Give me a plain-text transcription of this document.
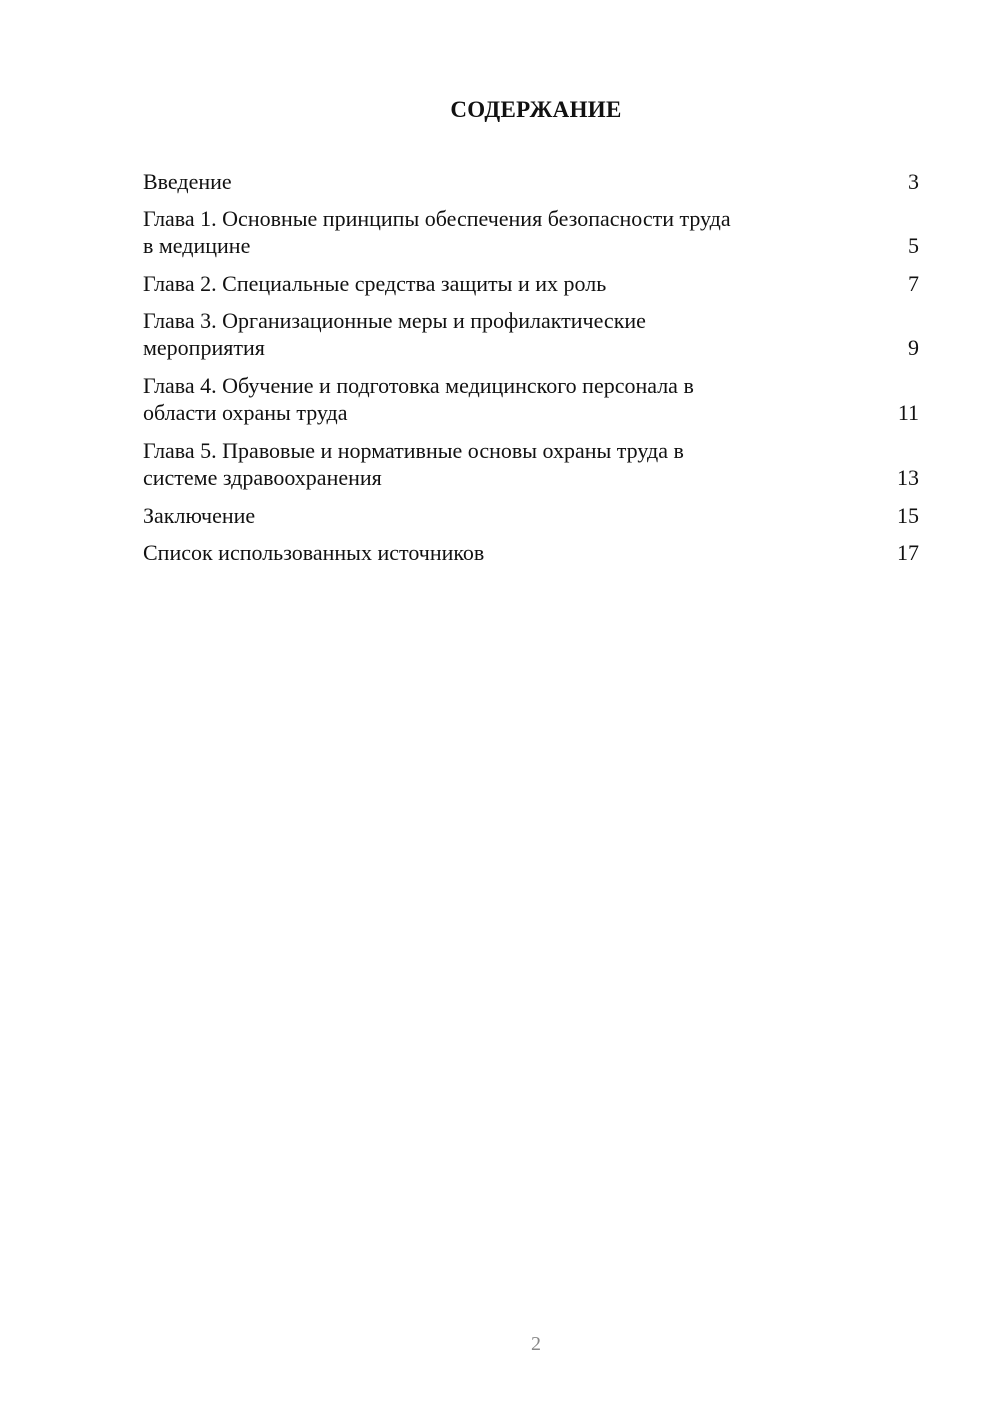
СОДЕРЖАНИЕ
Введение	3
Глава 1. Основные принципы обеспечения безопасности труда
в медицине	5
Глава 2. Специальные средства защиты и их роль	7
Глава 3. Организационные меры и профилактические
мероприятия	9
Глава 4. Обучение и подготовка медицинского персонала в
области охраны труда	11
Глава 5. Правовые и нормативные основы охраны труда в
системе здравоохранения	13
Заключение	15
Список использованных источников	17
2
